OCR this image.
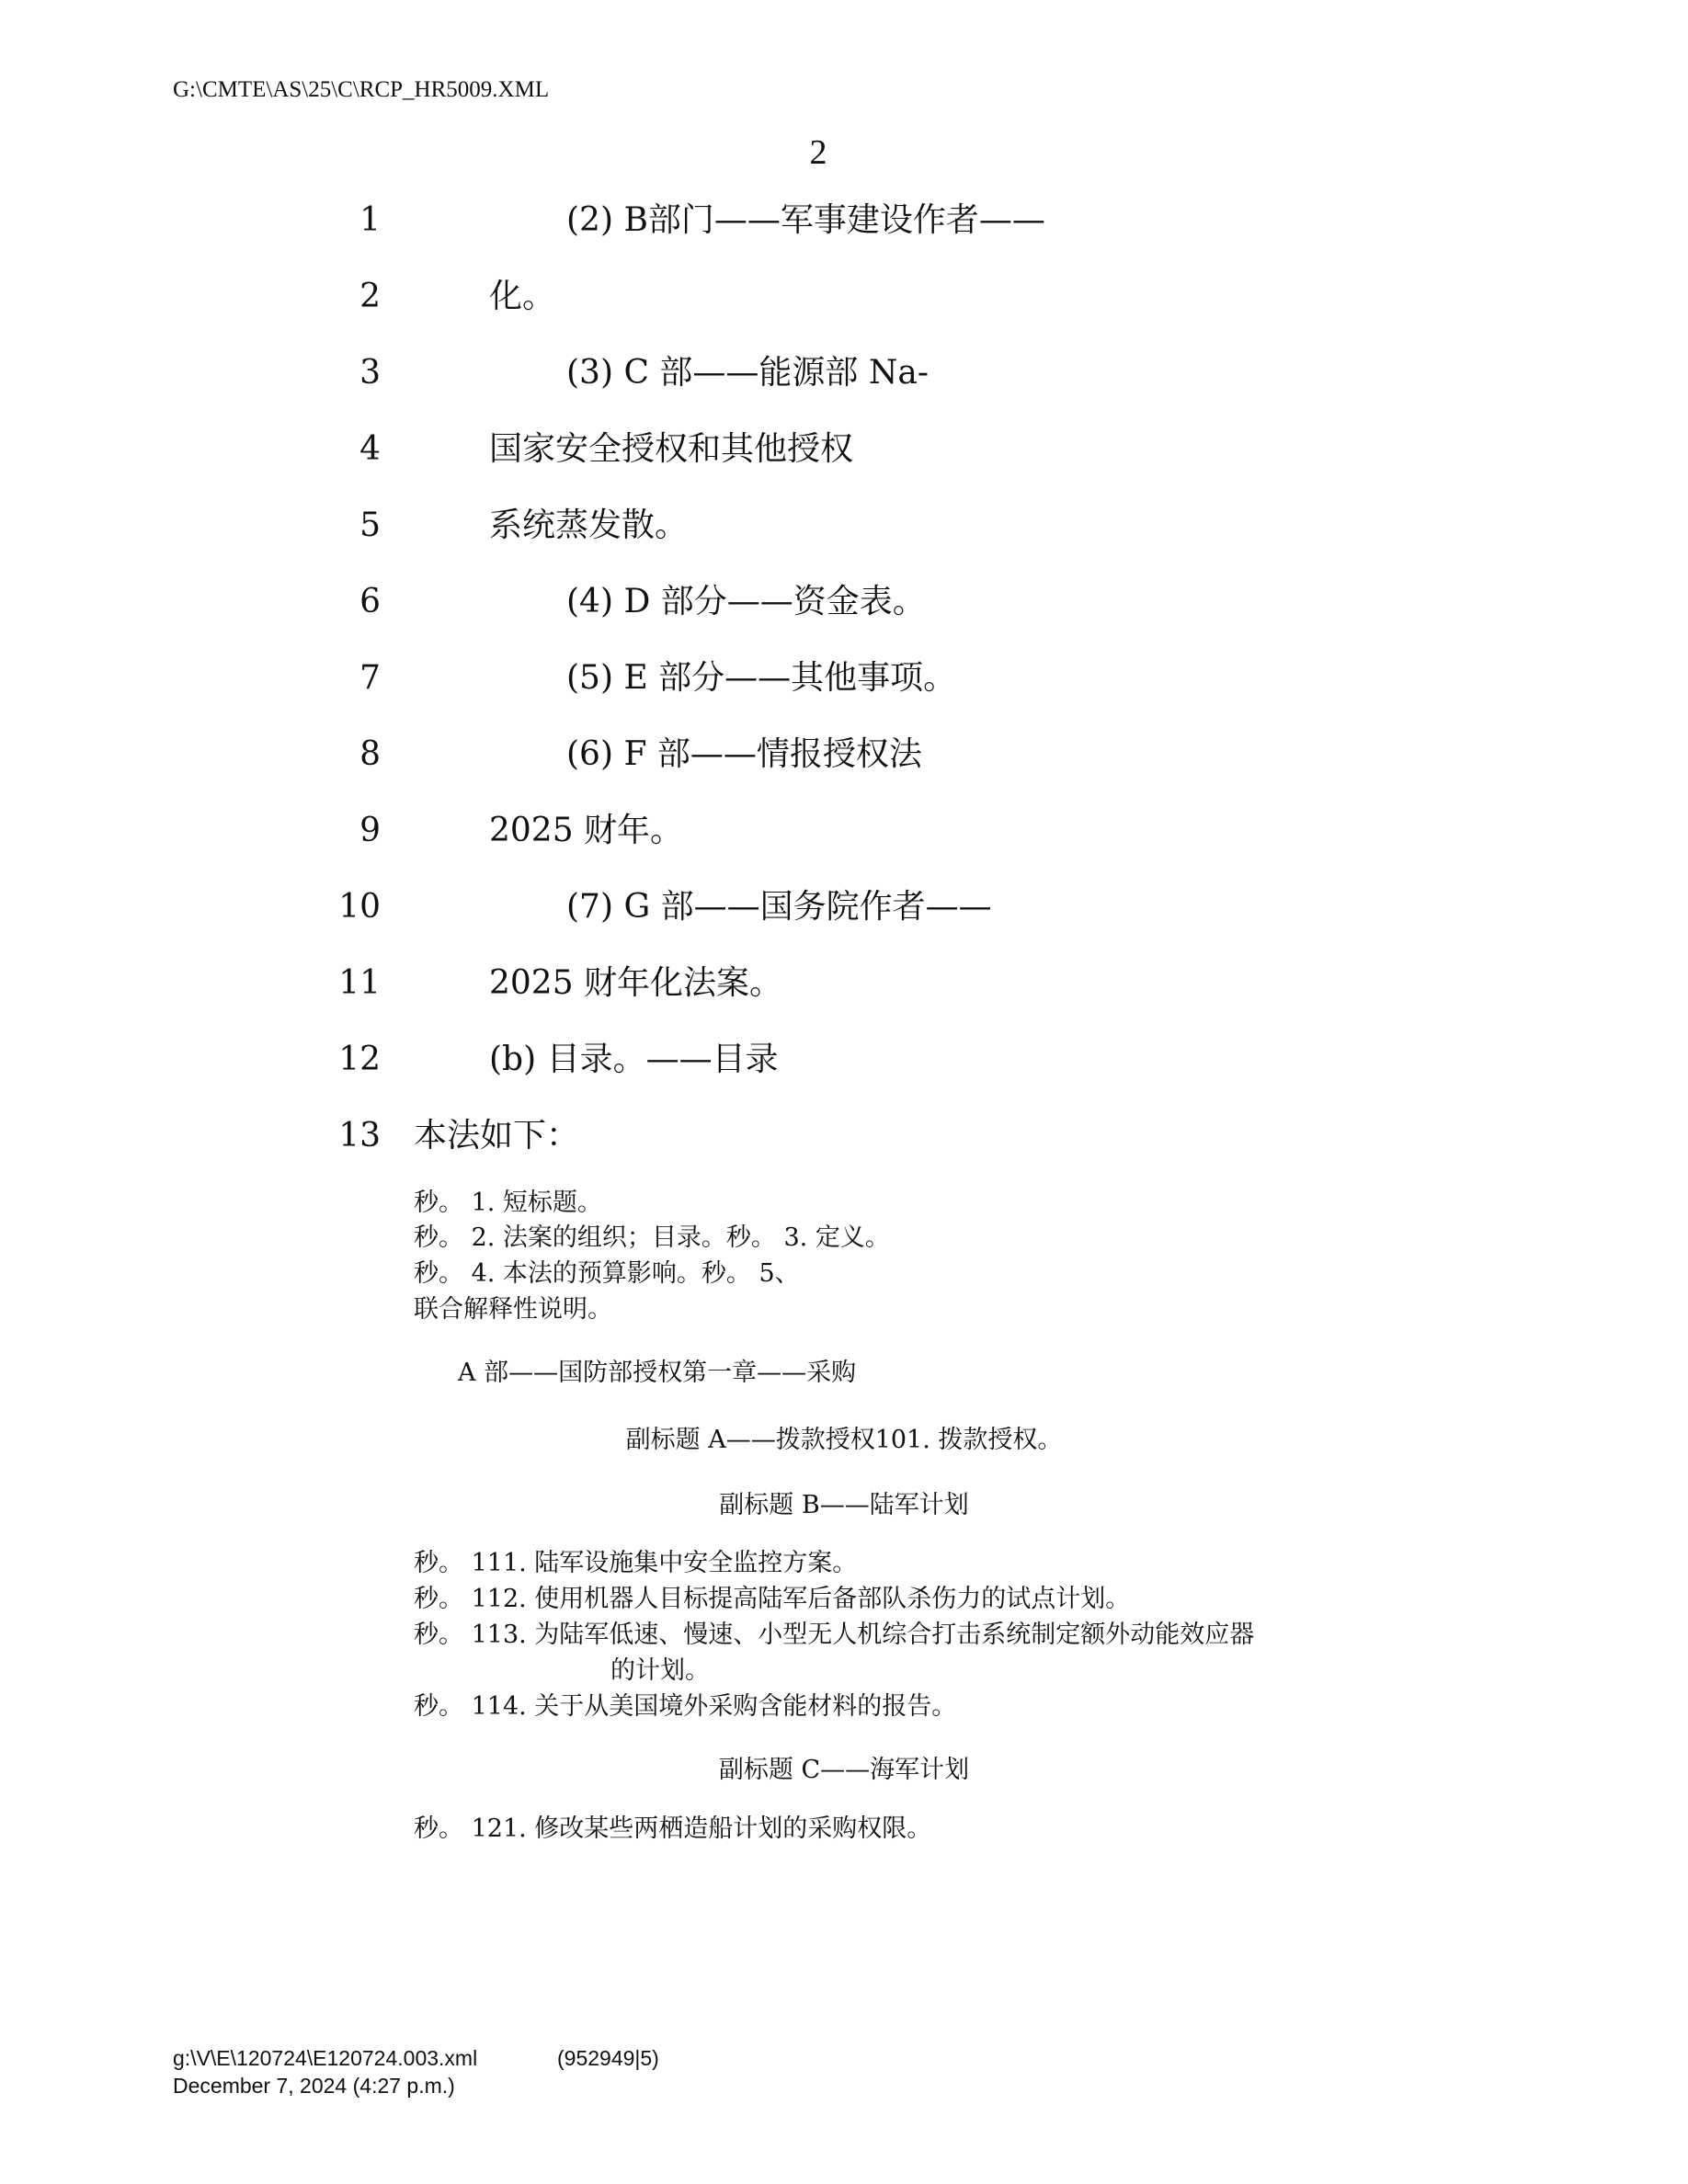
G:\CMTE\AS\25\C\RCP_HR5009.XML
2
1	(2) B部门——军事建设作者——
2	化。
3	(3) C 部——能源部 Na-
4	国家安全授权和其他授权
5	系统蒸发散。
6	(4) D 部分——资金表。
7	(5) E 部分——其他事项。
8	(6) F 部——情报授权法
9	2025 财年。
10	(7) G 部——国务院作者——
11	2025 财年化法案。
12	(b) 目录。——目录
13 本法如下：
秒。 1. 短标题。
秒。 2. 法案的组织；目录。秒。 3. 定义。
秒。 4. 本法的预算影响。秒。 5、
联合解释性说明。
A 部——国防部授权第一章——采购
副标题 A——拨款授权101. 拨款授权。
副标题 B——陆军计划
秒。 111. 陆军设施集中安全监控方案。
秒。 112. 使用机器人目标提高陆军后备部队杀伤力的试点计划。
秒。 113. 为陆军低速、慢速、小型无人机综合打击系统制定额外动能效应器
的计划。
秒。 114. 关于从美国境外采购含能材料的报告。
副标题 C——海军计划
秒。 121. 修改某些两栖造船计划的采购权限。
g:\V\E\120724\E120724.003.xml	(952949|5)
December 7, 2024 (4:27 p.m.)
